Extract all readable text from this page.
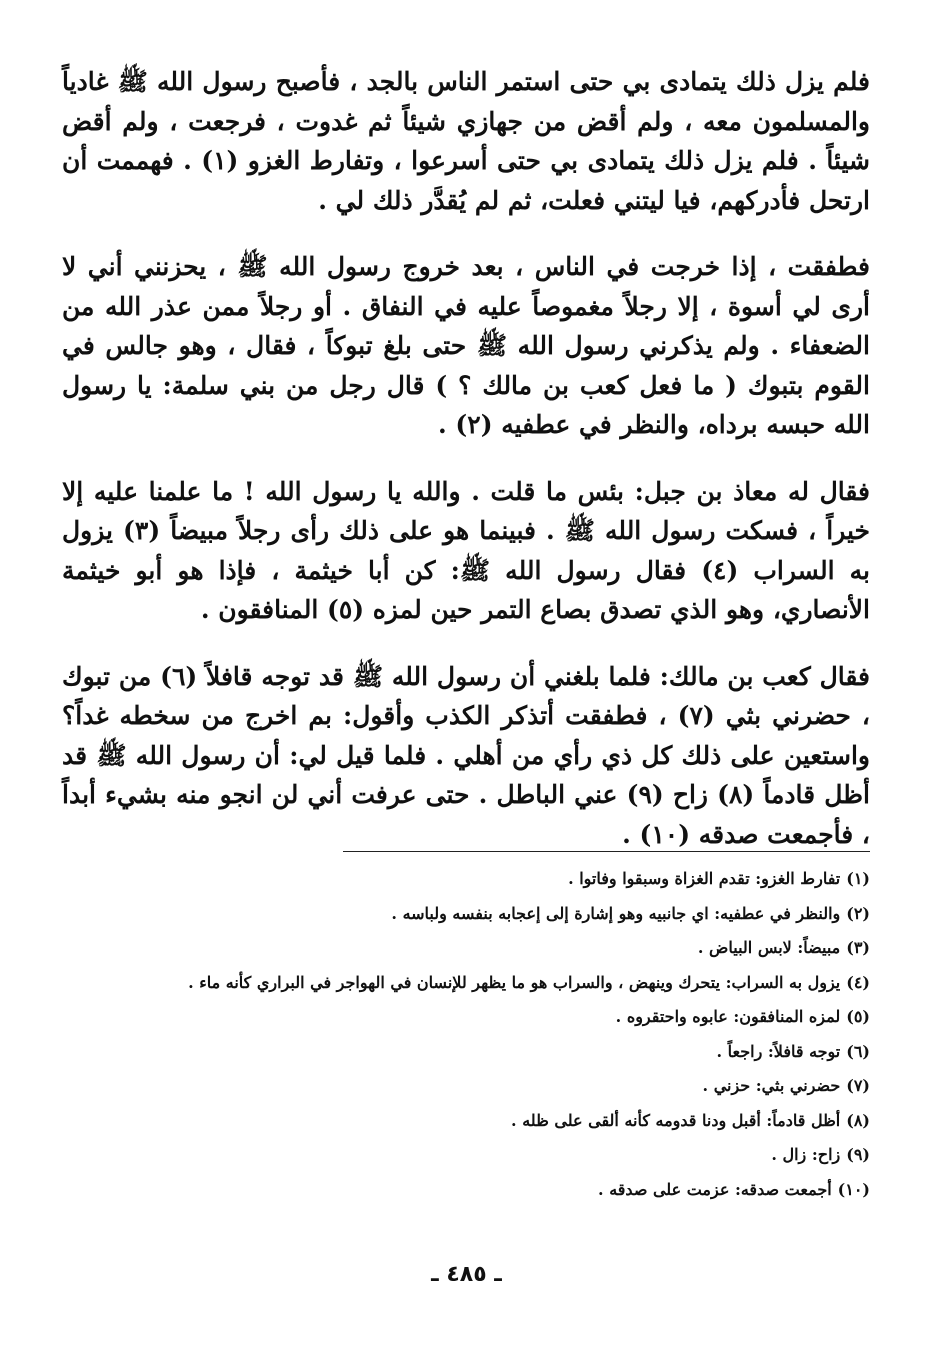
فلم يزل ذلك يتمادى بي حتى استمر الناس بالجد ، فأصبح رسول الله ﷺ غادياً والمسلمون معه ، ولم أقض من جهازي شيئاً ثم غدوت ، فرجعت ، ولم أقض شيئاً . فلم يزل ذلك يتمادى بي حتى أسرعوا ، وتفارط الغزو (١) . فهممت أن ارتحل فأدركهم، فيا ليتني فعلت، ثم لم يُقدَّر ذلك لي .

فطفقت ، إذا خرجت في الناس ، بعد خروج رسول الله ﷺ ، يحزنني أني لا أرى لي أسوة ، إلا رجلاً مغموصاً عليه في النفاق . أو رجلاً ممن عذر الله من الضعفاء . ولم يذكرني رسول الله ﷺ حتى بلغ تبوكاً ، فقال ، وهو جالس في القوم بتبوك ( ما فعل كعب بن مالك ؟ ) قال رجل من بني سلمة: يا رسول الله حبسه برداه، والنظر في عطفيه (٢) .

فقال له معاذ بن جبل: بئس ما قلت . والله يا رسول الله ! ما علمنا عليه إلا خيراً ، فسكت رسول الله ﷺ . فبينما هو على ذلك رأى رجلاً مبيضاً (٣) يزول به السراب (٤) فقال رسول الله ﷺ: كن أبا خيثمة ، فإذا هو أبو خيثمة الأنصاري، وهو الذي تصدق بصاع التمر حين لمزه (٥) المنافقون .

فقال كعب بن مالك: فلما بلغني أن رسول الله ﷺ قد توجه قافلاً (٦) من تبوك ، حضرني بثي (٧) ، فطفقت أتذكر الكذب وأقول: بم اخرج من سخطه غداً؟ واستعين على ذلك كل ذي رأي من أهلي . فلما قيل لي: أن رسول الله ﷺ قد أظل قادماً (٨) زاح (٩) عني الباطل . حتى عرفت أني لن انجو منه بشيء أبداً ، فأجمعت صدقه (١٠) .

(١)تفارط الغزو: تقدم الغزاة وسبقوا وفاتوا .
(٢)والنظر في عطفيه: اي جانبيه وهو إشارة إلى إعجابه بنفسه ولباسه .
(٣)مبيضاً: لابس البياض .
(٤)يزول به السراب: يتحرك وينهض ، والسراب هو ما يظهر للإنسان في الهواجر في البراري كأنه ماء .
(٥)لمزه المنافقون: عابوه واحتقروه .
(٦)توجه قافلاً: راجعاً .
(٧)حضرني بثي: حزني .
(٨)أظل قادماً: أقبل ودنا قدومه كأنه ألقى على ظله .
(٩)زاح: زال .
(١٠)أجمعت صدقه: عزمت على صدقه .
ـ ٤٨٥ ـ
